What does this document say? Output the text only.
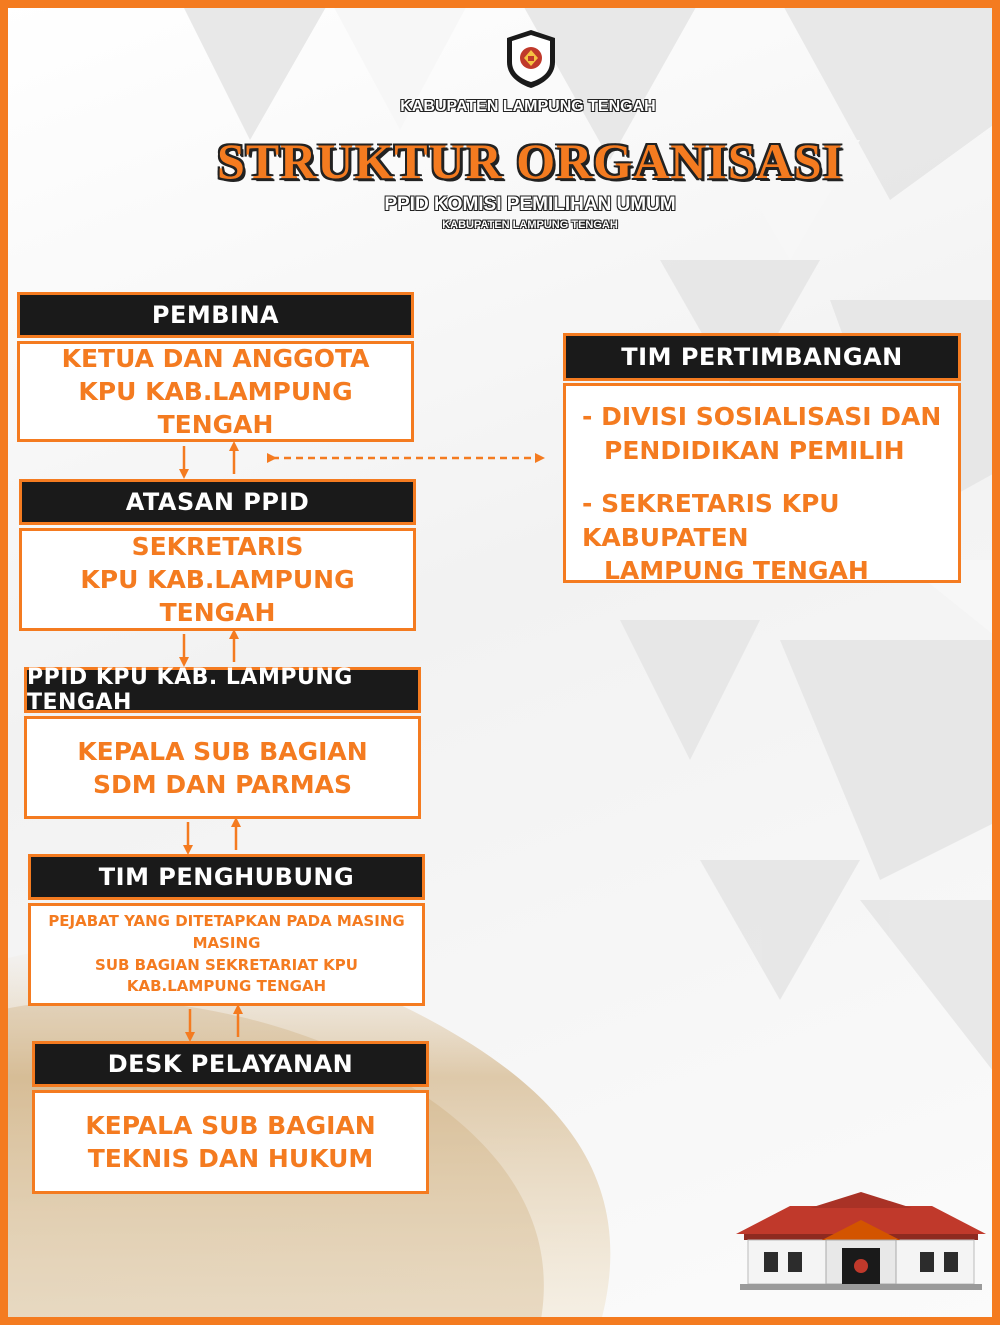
KABUPATEN LAMPUNG TENGAH
STRUKTUR ORGANISASI
PPID KOMISI PEMILIHAN UMUM
KABUPATEN LAMPUNG TENGAH
PEMBINA
KETUA DAN ANGGOTA
KPU KAB.LAMPUNG TENGAH
ATASAN PPID
SEKRETARIS
KPU KAB.LAMPUNG TENGAH
PPID KPU KAB. LAMPUNG TENGAH
KEPALA SUB BAGIAN
SDM DAN PARMAS
TIM PENGHUBUNG
PEJABAT YANG DITETAPKAN PADA MASING MASING
SUB BAGIAN SEKRETARIAT KPU
KAB.LAMPUNG TENGAH
DESK PELAYANAN
KEPALA SUB BAGIAN
TEKNIS DAN HUKUM
TIM PERTIMBANGAN
- DIVISI SOSIALISASI DAN
PENDIDIKAN PEMILIH
- SEKRETARIS KPU KABUPATEN
LAMPUNG TENGAH
